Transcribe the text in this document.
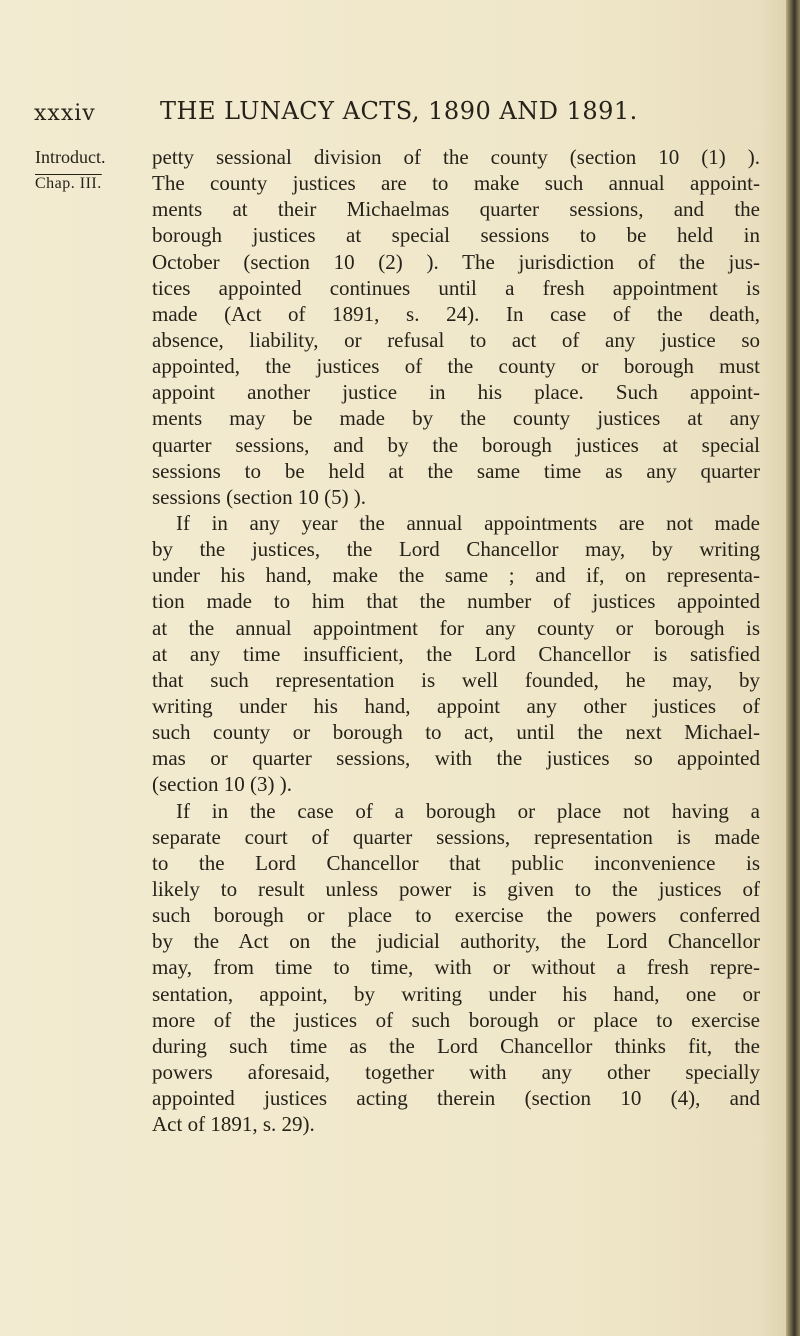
xxxiv	THE LUNACY ACTS, 1890 AND 1891.
Introduct.
Chap. III.
petty sessional division of the county (section 10 (1) ).
The county justices are to make such annual appoint-
ments at their Michaelmas quarter sessions, and the
borough justices at special sessions to be held in
October (section 10 (2) ). The jurisdiction of the jus-
tices appointed continues until a fresh appointment is
made (Act of 1891, s. 24). In case of the death,
absence, liability, or refusal to act of any justice so
appointed, the justices of the county or borough must
appoint another justice in his place. Such appoint-
ments may be made by the county justices at any
quarter sessions, and by the borough justices at special
sessions to be held at the same time as any quarter
sessions (section 10 (5) ).
If in any year the annual appointments are not made
by the justices, the Lord Chancellor may, by writing
under his hand, make the same ; and if, on representa-
tion made to him that the number of justices appointed
at the annual appointment for any county or borough is
at any time insufficient, the Lord Chancellor is satisfied
that such representation is well founded, he may, by
writing under his hand, appoint any other justices of
such county or borough to act, until the next Michael-
mas or quarter sessions, with the justices so appointed
(section 10 (3) ).
If in the case of a borough or place not having a
separate court of quarter sessions, representation is made
to the Lord Chancellor that public inconvenience is
likely to result unless power is given to the justices of
such borough or place to exercise the powers conferred
by the Act on the judicial authority, the Lord Chancellor
may, from time to time, with or without a fresh repre-
sentation, appoint, by writing under his hand, one or
more of the justices of such borough or place to exercise
during such time as the Lord Chancellor thinks fit, the
powers aforesaid, together with any other specially
appointed justices acting therein (section 10 (4), and
Act of 1891, s. 29).
